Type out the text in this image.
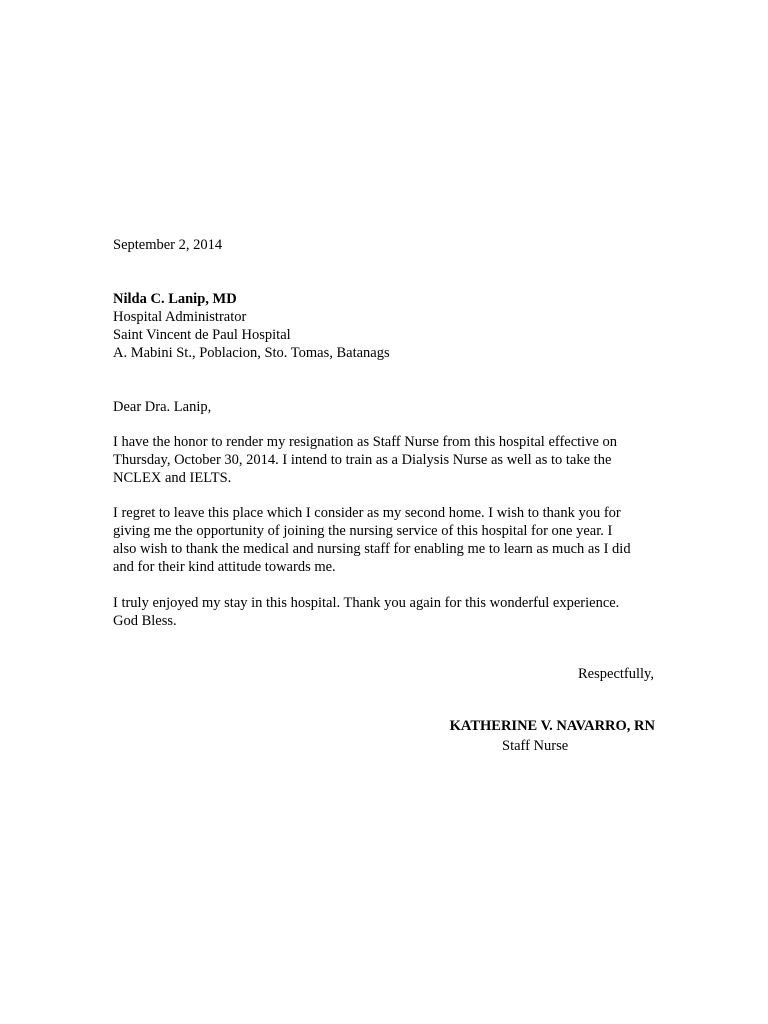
September 2, 2014
Nilda C. Lanip, MD
Hospital Administrator
Saint Vincent de Paul Hospital
A. Mabini St., Poblacion, Sto. Tomas, Batanags
Dear Dra. Lanip,
I have the honor to render my resignation as Staff Nurse from this hospital effective on
Thursday, October 30, 2014. I intend to train as a Dialysis Nurse as well as to take the
NCLEX and IELTS.
I regret to leave this place which I consider as my second home. I wish to thank you for
giving me the opportunity of joining the nursing service of this hospital for one year. I
also wish to thank the medical and nursing staff for enabling me to learn as much as I did
and for their kind attitude towards me.
I truly enjoyed my stay in this hospital. Thank you again for this wonderful experience.
God Bless.
Respectfully,
KATHERINE V. NAVARRO, RN
Staff Nurse
